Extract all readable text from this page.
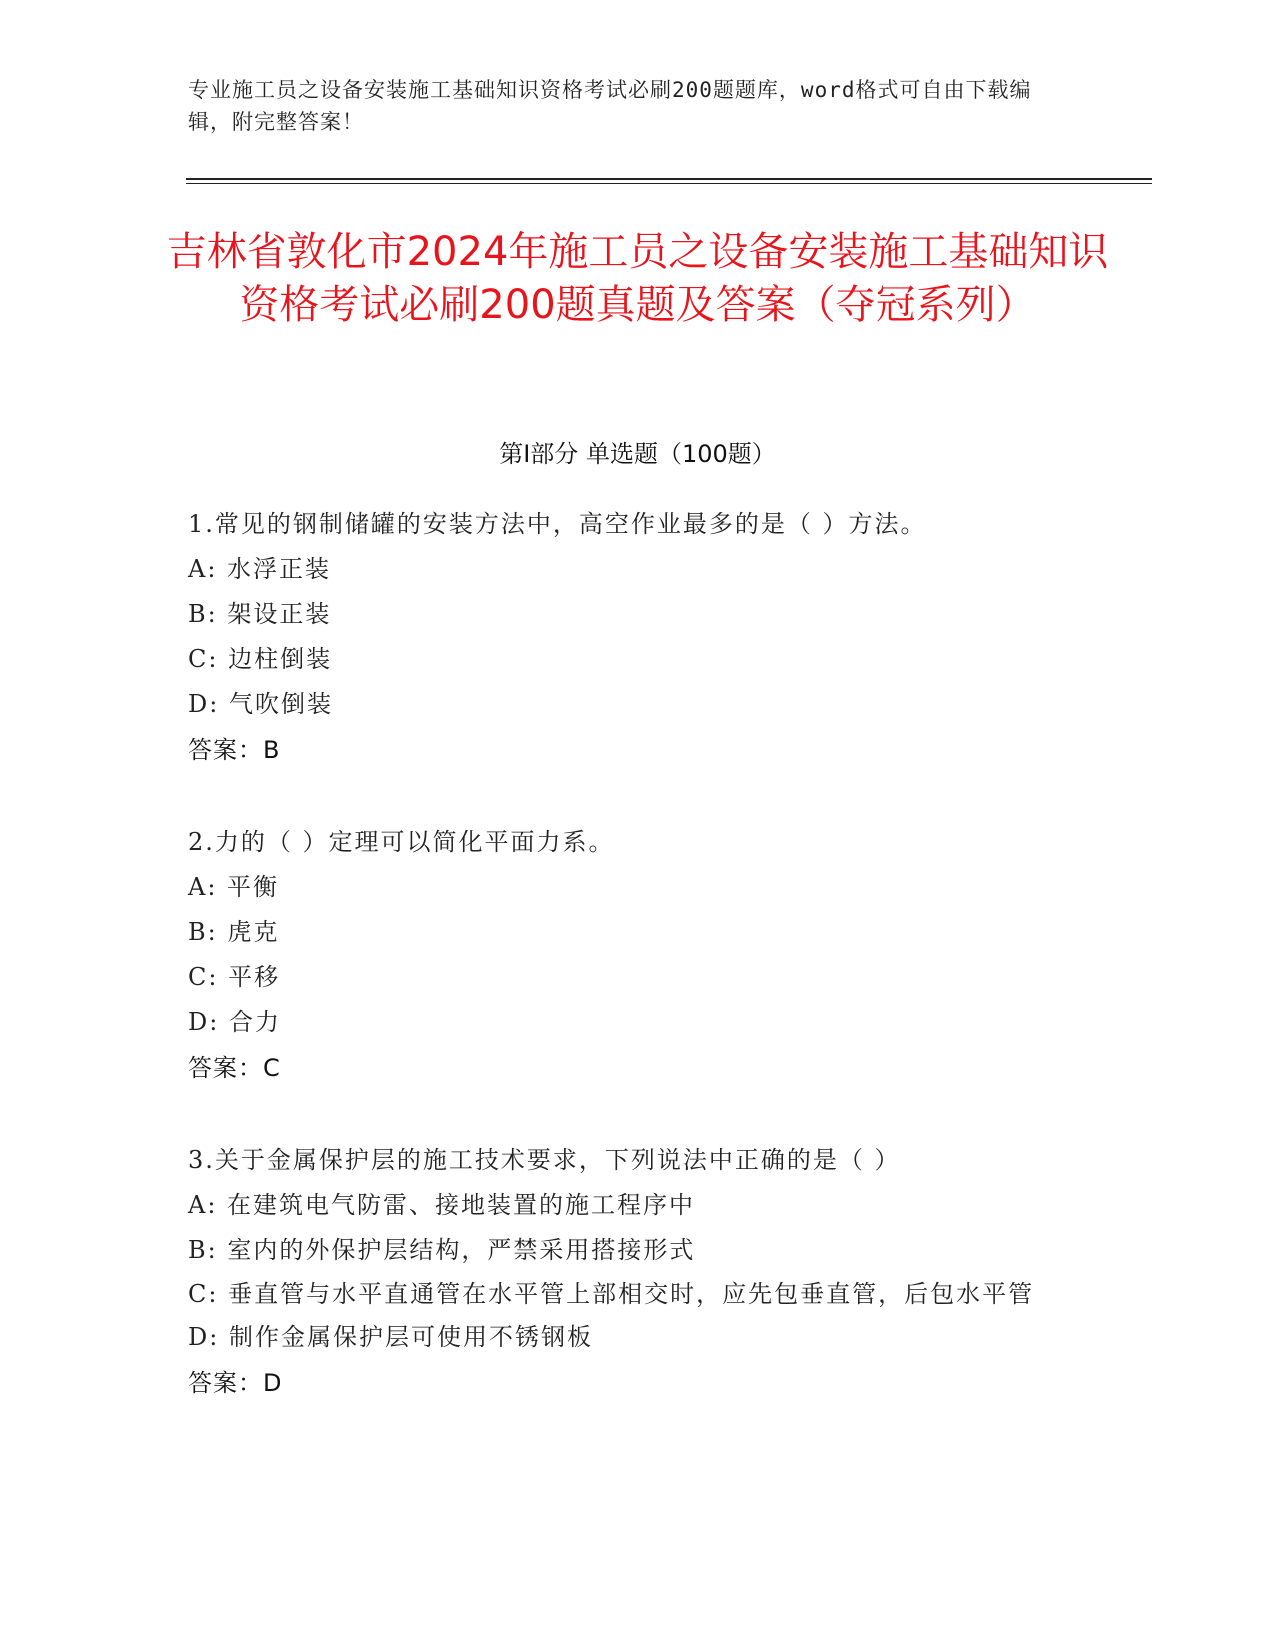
专业施工员之设备安装施工基础知识资格考试必刷200题题库，word格式可自由下载编辑，附完整答案！
吉林省敦化市2024年施工员之设备安装施工基础知识资格考试必刷200题真题及答案（夺冠系列）
第Ⅰ部分 单选题（100题）

1.常见的钢制储罐的安装方法中，高空作业最多的是（ ）方法。

A: 水浮正装

B: 架设正装

C: 边柱倒装

D: 气吹倒装

答案：B

2.力的（ ）定理可以简化平面力系。

A: 平衡

B: 虎克

C: 平移

D: 合力

答案：C

3.关于金属保护层的施工技术要求，下列说法中正确的是（ ）

A: 在建筑电气防雷、接地装置的施工程序中

B: 室内的外保护层结构，严禁采用搭接形式

C: 垂直管与水平直通管在水平管上部相交时，应先包垂直管，后包水平管

D: 制作金属保护层可使用不锈钢板

答案：D
